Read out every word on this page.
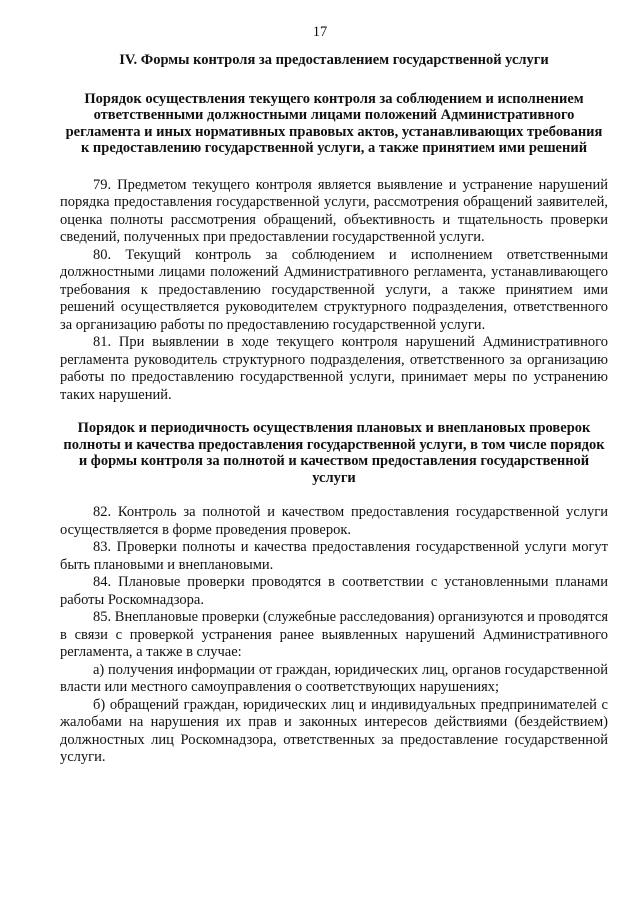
17

IV. Формы контроля за предоставлением государственной услуги

Порядок осуществления текущего контроля за соблюдением и исполнением ответственными должностными лицами положений Административного регламента и иных нормативных правовых актов, устанавливающих требования к предоставлению государственной услуги, а также принятием ими решений

79. Предметом текущего контроля является выявление и устранение нарушений порядка предоставления государственной услуги, рассмотрения обращений заявителей, оценка полноты рассмотрения обращений, объективность и тщательность проверки сведений, полученных при предоставлении государственной услуги.

80. Текущий контроль за соблюдением и исполнением ответственными должностными лицами положений Административного регламента, устанавливающего требования к предоставлению государственной услуги, а также принятием ими решений осуществляется руководителем структурного подразделения, ответственного за организацию работы по предоставлению государственной услуги.

81. При выявлении в ходе текущего контроля нарушений Административного регламента руководитель структурного подразделения, ответственного за организацию работы по предоставлению государственной услуги, принимает меры по устранению таких нарушений.

Порядок и периодичность осуществления плановых и внеплановых проверок полноты и качества предоставления государственной услуги, в том числе порядок и формы контроля за полнотой и качеством предоставления государственной услуги

82. Контроль за полнотой и качеством предоставления государственной услуги осуществляется в форме проведения проверок.

83. Проверки полноты и качества предоставления государственной услуги могут быть плановыми и внеплановыми.

84. Плановые проверки проводятся в соответствии с установленными планами работы Роскомнадзора.

85. Внеплановые проверки (служебные расследования) организуются и проводятся в связи с проверкой устранения ранее выявленных нарушений Административного регламента, а также в случае:

а) получения информации от граждан, юридических лиц, органов государственной власти или местного самоуправления о соответствующих нарушениях;

б) обращений граждан, юридических лиц и индивидуальных предпринимателей с жалобами на нарушения их прав и законных интересов действиями (бездействием) должностных лиц Роскомнадзора, ответственных за предоставление государственной услуги.
